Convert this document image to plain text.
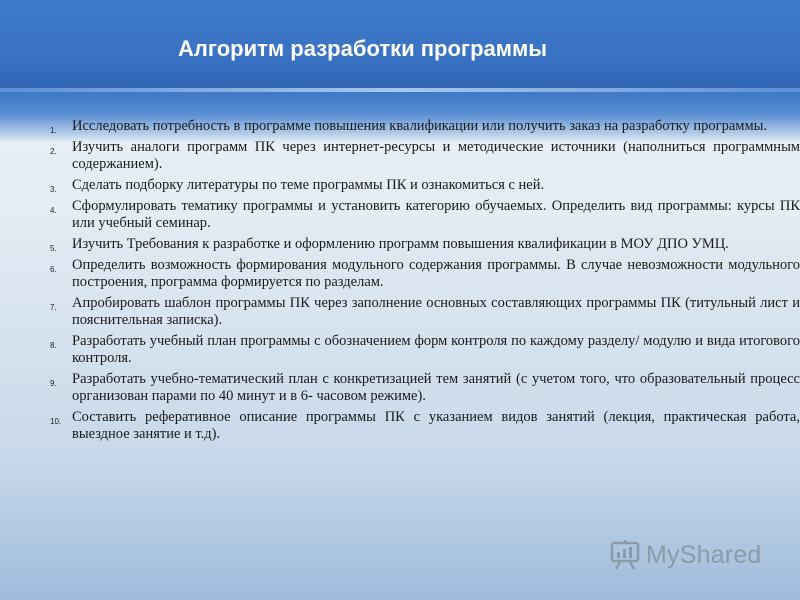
Алгоритм разработки программы
1. Исследовать потребность в программе повышения квалификации или получить заказ на разработку программы.
2. Изучить аналоги программ ПК через интернет-ресурсы и методические источники (наполниться программным содержанием).
3. Сделать подборку литературы по теме программы ПК и ознакомиться с ней.
4. Сформулировать тематику программы и установить категорию обучаемых. Определить вид программы: курсы ПК или учебный семинар.
5. Изучить Требования к разработке и оформлению программ повышения квалификации в МОУ ДПО УМЦ.
6. Определить возможность формирования модульного содержания программы. В случае невозможности модульного построения, программа формируется по разделам.
7. Апробировать шаблон программы ПК через заполнение основных составляющих программы ПК (титульный лист и пояснительная записка).
8. Разработать учебный план программы с обозначением форм контроля по каждому разделу/ модулю и вида итогового контроля.
9. Разработать учебно-тематический план с конкретизацией тем занятий (с учетом того, что образовательный процесс организован парами по 40 минут и в 6- часовом режиме).
10. Составить реферативное описание программы ПК с указанием видов занятий (лекция, практическая работа, выездное занятие и т.д).
MyShared
